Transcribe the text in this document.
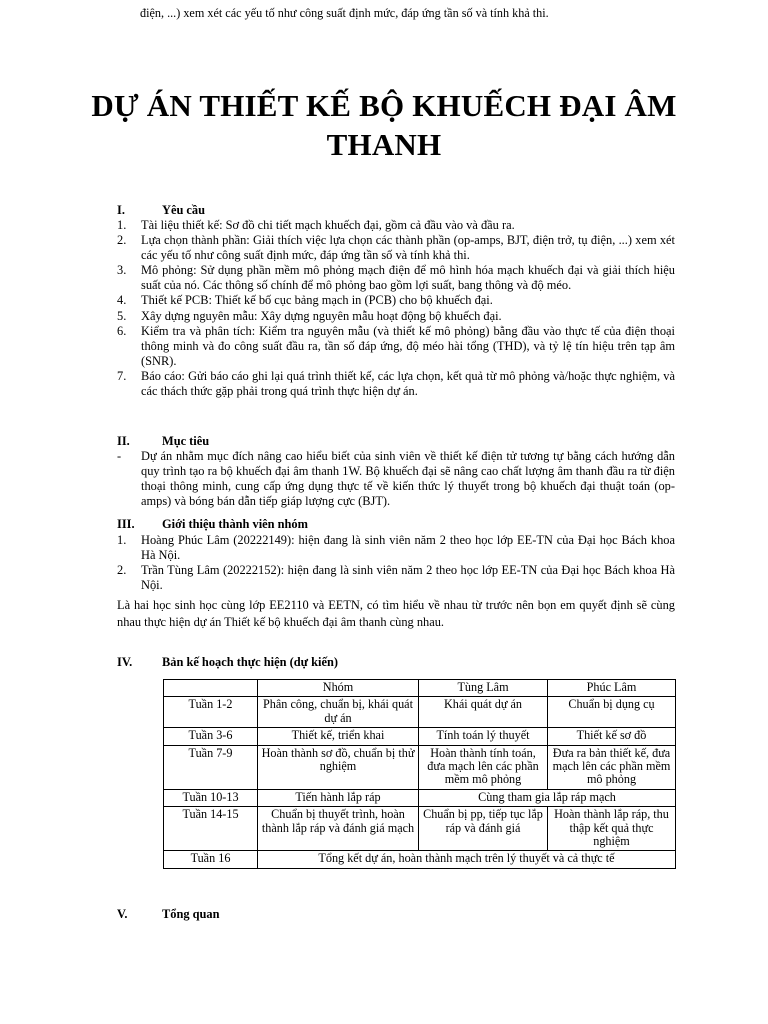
điện, ...) xem xét các yếu tố như công suất định mức, đáp ứng tần số và tính khả thi.
DỰ ÁN THIẾT KẾ BỘ KHUẾCH ĐẠI ÂM THANH
I.	Yêu cầu
1. Tài liệu thiết kế: Sơ đồ chi tiết mạch khuếch đại, gồm cả đầu vào và đầu ra.
2. Lựa chọn thành phần: Giải thích việc lựa chọn các thành phần (op-amps, BJT, điện trở, tụ điện, ...) xem xét các yếu tố như công suất định mức, đáp ứng tần số và tính khả thi.
3. Mô phỏng: Sử dụng phần mềm mô phỏng mạch điện để mô hình hóa mạch khuếch đại và giải thích hiệu suất của nó. Các thông số chính để mô phỏng bao gồm lợi suất, bang thông và độ méo.
4. Thiết kế PCB: Thiết kế bố cục bảng mạch in (PCB) cho bộ khuếch đại.
5. Xây dựng nguyên mẫu: Xây dựng nguyên mẫu hoạt động bộ khuếch đại.
6. Kiểm tra và phân tích: Kiểm tra nguyên mẫu (và thiết kế mô phỏng) bằng đầu vào thực tế của điện thoại thông minh và đo công suất đầu ra, tần số đáp ứng, độ méo hài tổng (THD), và tỷ lệ tín hiệu trên tạp âm (SNR).
7. Báo cáo: Gửi báo cáo ghi lại quá trình thiết kế, các lựa chọn, kết quả từ mô phỏng và/hoặc thực nghiệm, và các thách thức gặp phải trong quá trình thực hiện dự án.
II.	Mục tiêu
- Dự án nhằm mục đích nâng cao hiểu biết của sinh viên về thiết kế điện tử tương tự bằng cách hướng dẫn quy trình tạo ra bộ khuếch đại âm thanh 1W. Bộ khuếch đại sẽ nâng cao chất lượng âm thanh đầu ra từ điện thoại thông minh, cung cấp ứng dụng thực tế về kiến thức lý thuyết trong bộ khuếch đại thuật toán (op-amps) và bóng bán dẫn tiếp giáp lượng cực (BJT).
III.	Giới thiệu thành viên nhóm
1. Hoàng Phúc Lâm (20222149): hiện đang là sinh viên năm 2 theo học lớp EE-TN của Đại học Bách khoa Hà Nội.
2. Trần Tùng Lâm (20222152): hiện đang là sinh viên năm 2 theo học lớp EE-TN của Đại học Bách khoa Hà Nội.
Là hai học sinh học cùng lớp EE2110 và EETN, có tìm hiểu về nhau từ trước nên bọn em quyết định sẽ cùng nhau thực hiện dự án Thiết kế bộ khuếch đại âm thanh cùng nhau.
IV.	Bản kế hoạch thực hiện (dự kiến)
	Nhóm	Tùng Lâm	Phúc Lâm
Tuần 1-2	Phân công, chuẩn bị, khái quát dự án	Khái quát dự án	Chuẩn bị dụng cụ
Tuần 3-6	Thiết kế, triển khai	Tính toán lý thuyết	Thiết kế sơ đồ
Tuần 7-9	Hoàn thành sơ đồ, chuẩn bị thử nghiệm	Hoàn thành tính toán, đưa mạch lên các phần mềm mô phỏng	Đưa ra bản thiết kế, đưa mạch lên các phần mềm mô phỏng
Tuần 10-13	Tiến hành lắp ráp	Cùng tham gia lắp ráp mạch	
Tuần 14-15	Chuẩn bị thuyết trình, hoàn thành lắp ráp và đánh giá mạch	Chuẩn bị pp, tiếp tục lắp ráp và đánh giá	Hoàn thành lắp ráp, thu thập kết quả thực nghiệm
Tuần 16	Tổng kết dự án, hoàn thành mạch trên lý thuyết và cả thực tế		
V.	Tổng quan
